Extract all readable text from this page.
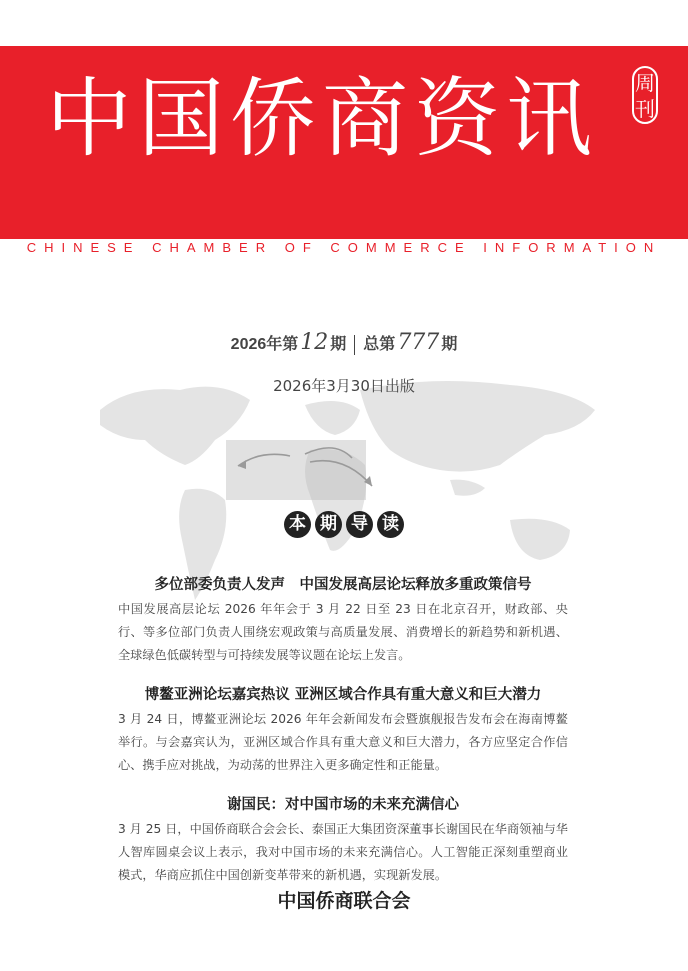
中国侨商资讯 周刊
CHINESE CHAMBER OF COMMERCE INFORMATION
2026年第12 期 总第777 期
2026年3月30日出版
本 期 导 读
多位部委负责人发声　中国发展高层论坛释放多重政策信号

中国发展高层论坛 2026 年年会于 3 月 22 日至 23 日在北京召开，财政部、央行、等多位部门负责人围绕宏观政策与高质量发展、消费增长的新趋势和新机遇、全球绿色低碳转型与可持续发展等议题在论坛上发言。

博鳌亚洲论坛嘉宾热议 亚洲区域合作具有重大意义和巨大潜力

3 月 24 日，博鳌亚洲论坛 2026 年年会新闻发布会暨旗舰报告发布会在海南博鳌举行。与会嘉宾认为，亚洲区域合作具有重大意义和巨大潜力，各方应坚定合作信心、携手应对挑战，为动荡的世界注入更多确定性和正能量。

谢国民：对中国市场的未来充满信心

3 月 25 日，中国侨商联合会会长、泰国正大集团资深董事长谢国民在华商领袖与华人智库圆桌会议上表示，我对中国市场的未来充满信心。人工智能正深刻重塑商业模式，华商应抓住中国创新变革带来的新机遇，实现新发展。

中国侨商联合会
